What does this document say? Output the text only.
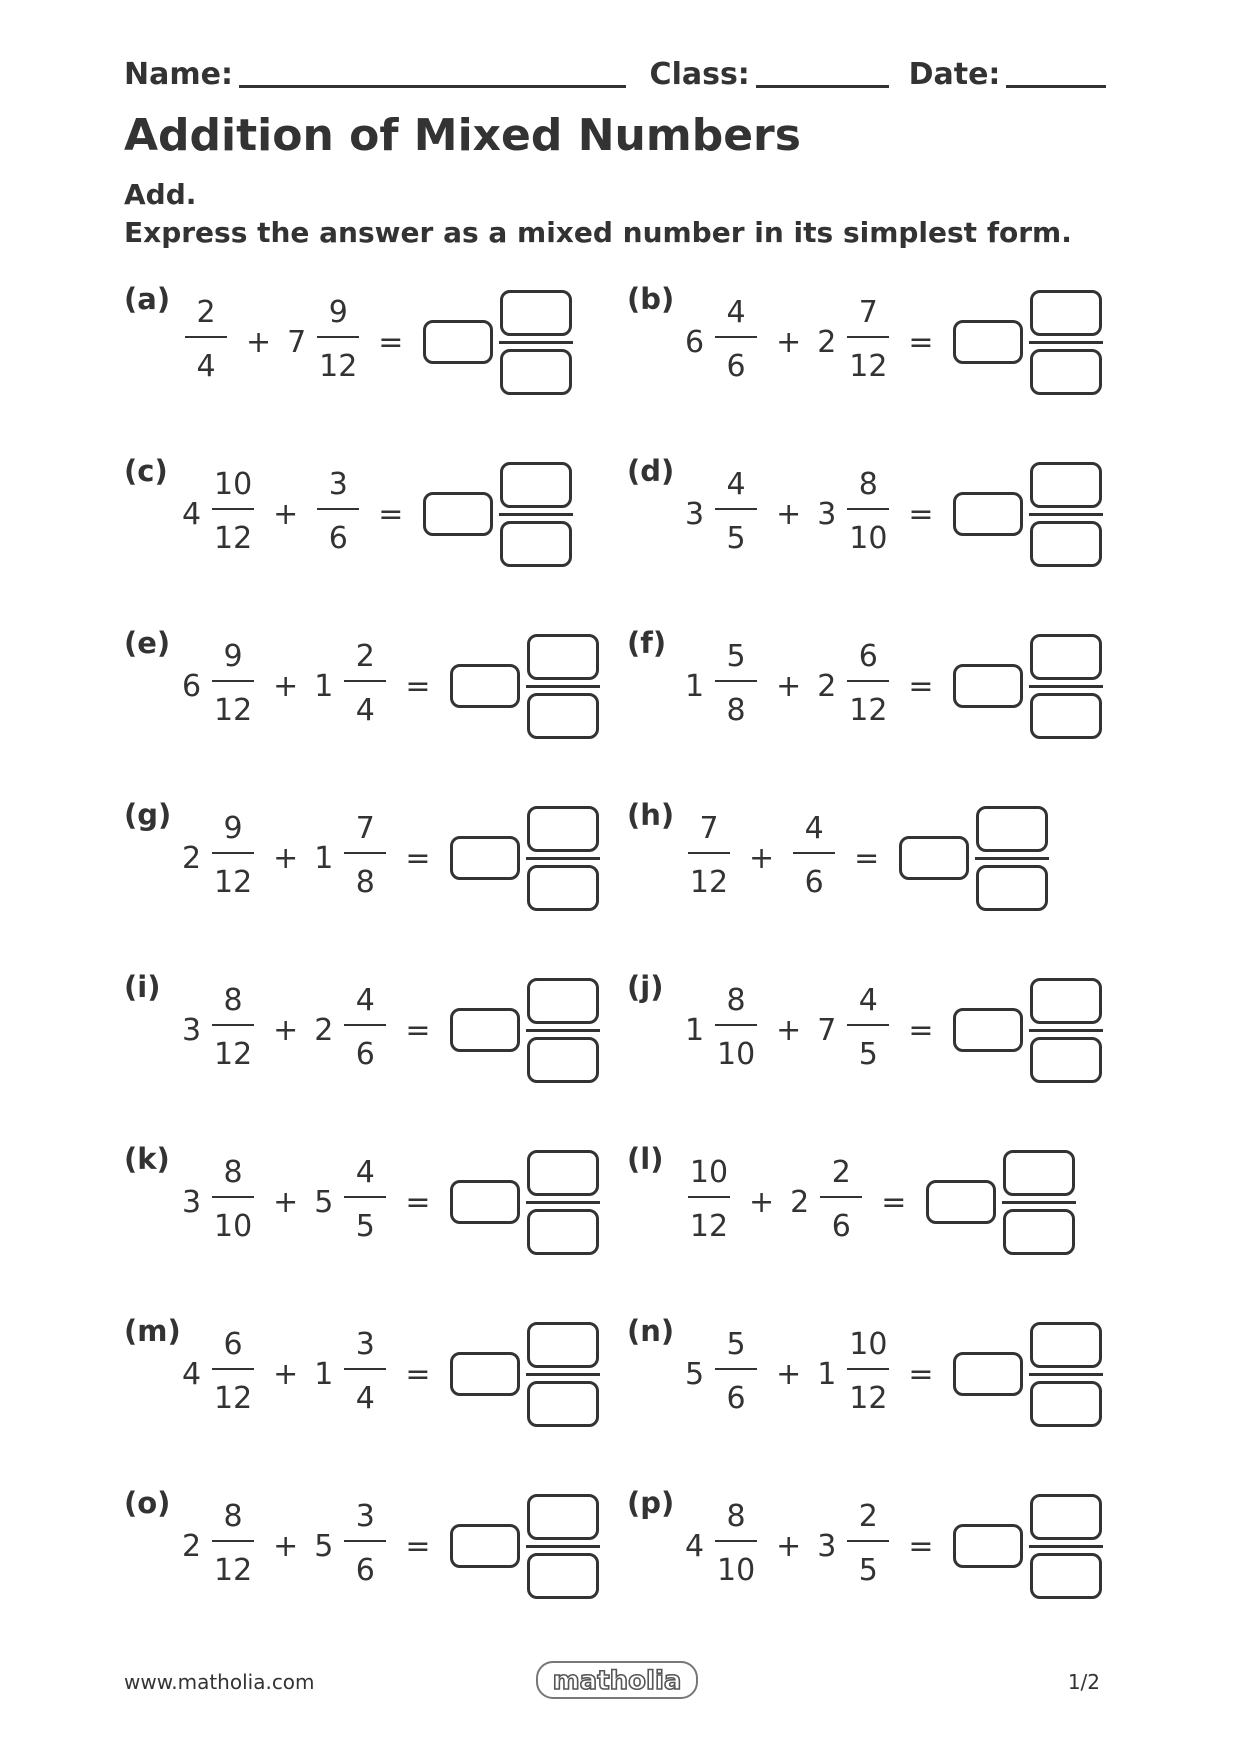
Name:	Class:	Date:
Addition of Mixed Numbers
Add.
Express the answer as a mixed number in its simplest form.
$(a) \frac{2}{4} + 7 \frac{9}{12}$ =
(b)
$6 \frac{4}{6} + 2 \frac{7}{12}$ =
(c)
$4 \frac{10}{12} + \frac{3}{6}$ =
(d)
$3 \frac{4}{5} + 3 \frac{8}{10}$ =
(e)
$6 \frac{9}{12} + 1 \frac{2}{4}$ =
(f)
$1 \frac{5}{8} + 2 \frac{6}{12}$ =
(g)
$2 \frac{9}{12} + 1 \frac{7}{8}$ =
$(h) \frac{7}{12} + \frac{4}{6}$ =
(i)
$3 \frac{8}{12} + 2 \frac{4}{6}$ =
(j)
$1 \frac{8}{10} + 7 \frac{4}{5}$ =
(k)
$3 \frac{8}{10} + 5 \frac{4}{5}$ =
$(l) \frac{10}{12} + 2 \frac{2}{6}$ =
(m)
$4 \frac{6}{12} + 1 \frac{3}{4}$ =
(n)
$5 \frac{5}{6} + 1 \frac{10}{12}$ =
(o)
$2 \frac{8}{12} + 5 \frac{3}{6}$ =
(p)
$4 \frac{8}{10} + 3 \frac{2}{5}$ =
www.matholia.com	matholia	1/2
